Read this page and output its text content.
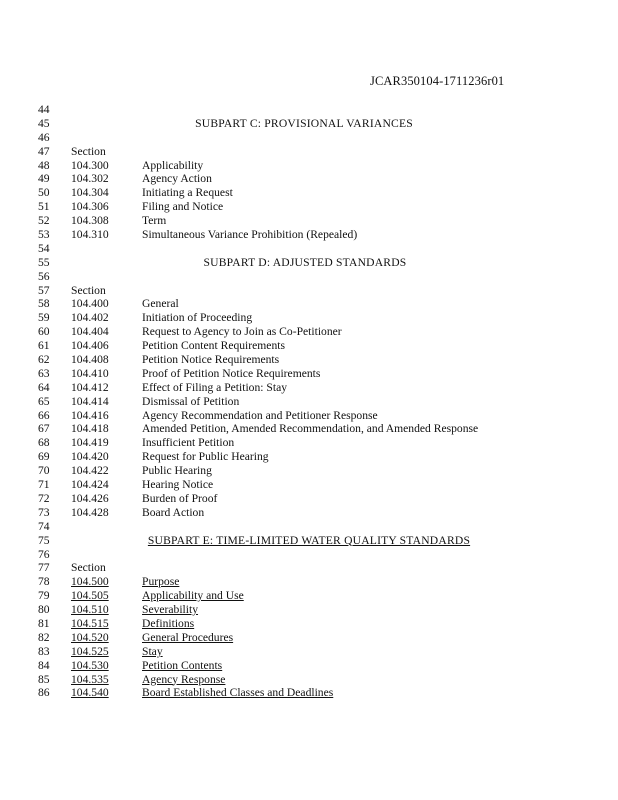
JCAR350104-1711236r01
44
45	SUBPART C: PROVISIONAL VARIANCES
46
47	Section
48	104.300	Applicability
49	104.302	Agency Action
50	104.304	Initiating a Request
51	104.306	Filing and Notice
52	104.308	Term
53	104.310	Simultaneous Variance Prohibition (Repealed)
54
55	SUBPART D: ADJUSTED STANDARDS
56
57	Section
58	104.400	General
59	104.402	Initiation of Proceeding
60	104.404	Request to Agency to Join as Co-Petitioner
61	104.406	Petition Content Requirements
62	104.408	Petition Notice Requirements
63	104.410	Proof of Petition Notice Requirements
64	104.412	Effect of Filing a Petition: Stay
65	104.414	Dismissal of Petition
66	104.416	Agency Recommendation and Petitioner Response
67	104.418	Amended Petition, Amended Recommendation, and Amended Response
68	104.419	Insufficient Petition
69	104.420	Request for Public Hearing
70	104.422	Public Hearing
71	104.424	Hearing Notice
72	104.426	Burden of Proof
73	104.428	Board Action
74
75	SUBPART E: TIME-LIMITED WATER QUALITY STANDARDS
76
77	Section
78	104.500	Purpose
79	104.505	Applicability and Use
80	104.510	Severability
81	104.515	Definitions
82	104.520	General Procedures
83	104.525	Stay
84	104.530	Petition Contents
85	104.535	Agency Response
86	104.540	Board Established Classes and Deadlines
